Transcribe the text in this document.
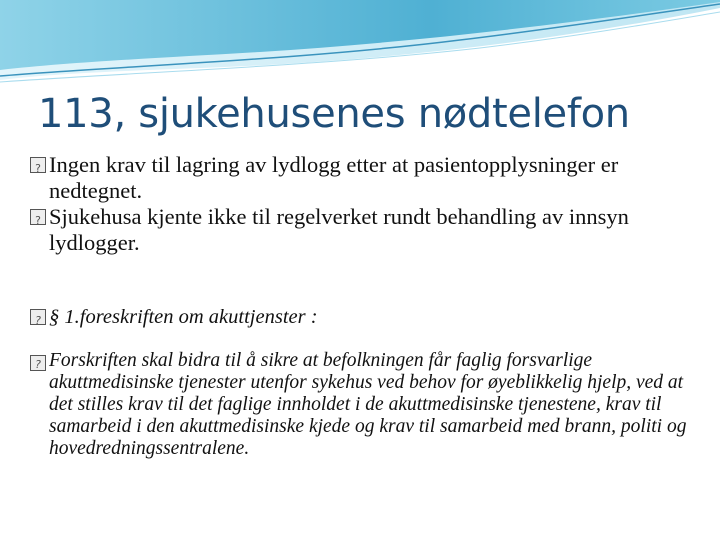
113, sjukehusenes nødtelefon
?
Ingen krav til lagring av lydlogg etter at pasientopplysninger er nedtegnet.
?
Sjukehusa kjente ikke til regelverket rundt behandling av innsyn lydlogger.
?
§ 1.foreskriften om akuttjenster :
?
Forskriften skal bidra til å sikre at befolkningen får faglig forsvarlige akuttmedisinske tjenester utenfor sykehus ved behov for øyeblikkelig hjelp, ved at det stilles krav til det faglige innholdet i de akuttmedisinske tjenestene, krav til samarbeid i den akuttmedisinske kjede og krav til samarbeid med brann, politi og hovedredningssentralene.
